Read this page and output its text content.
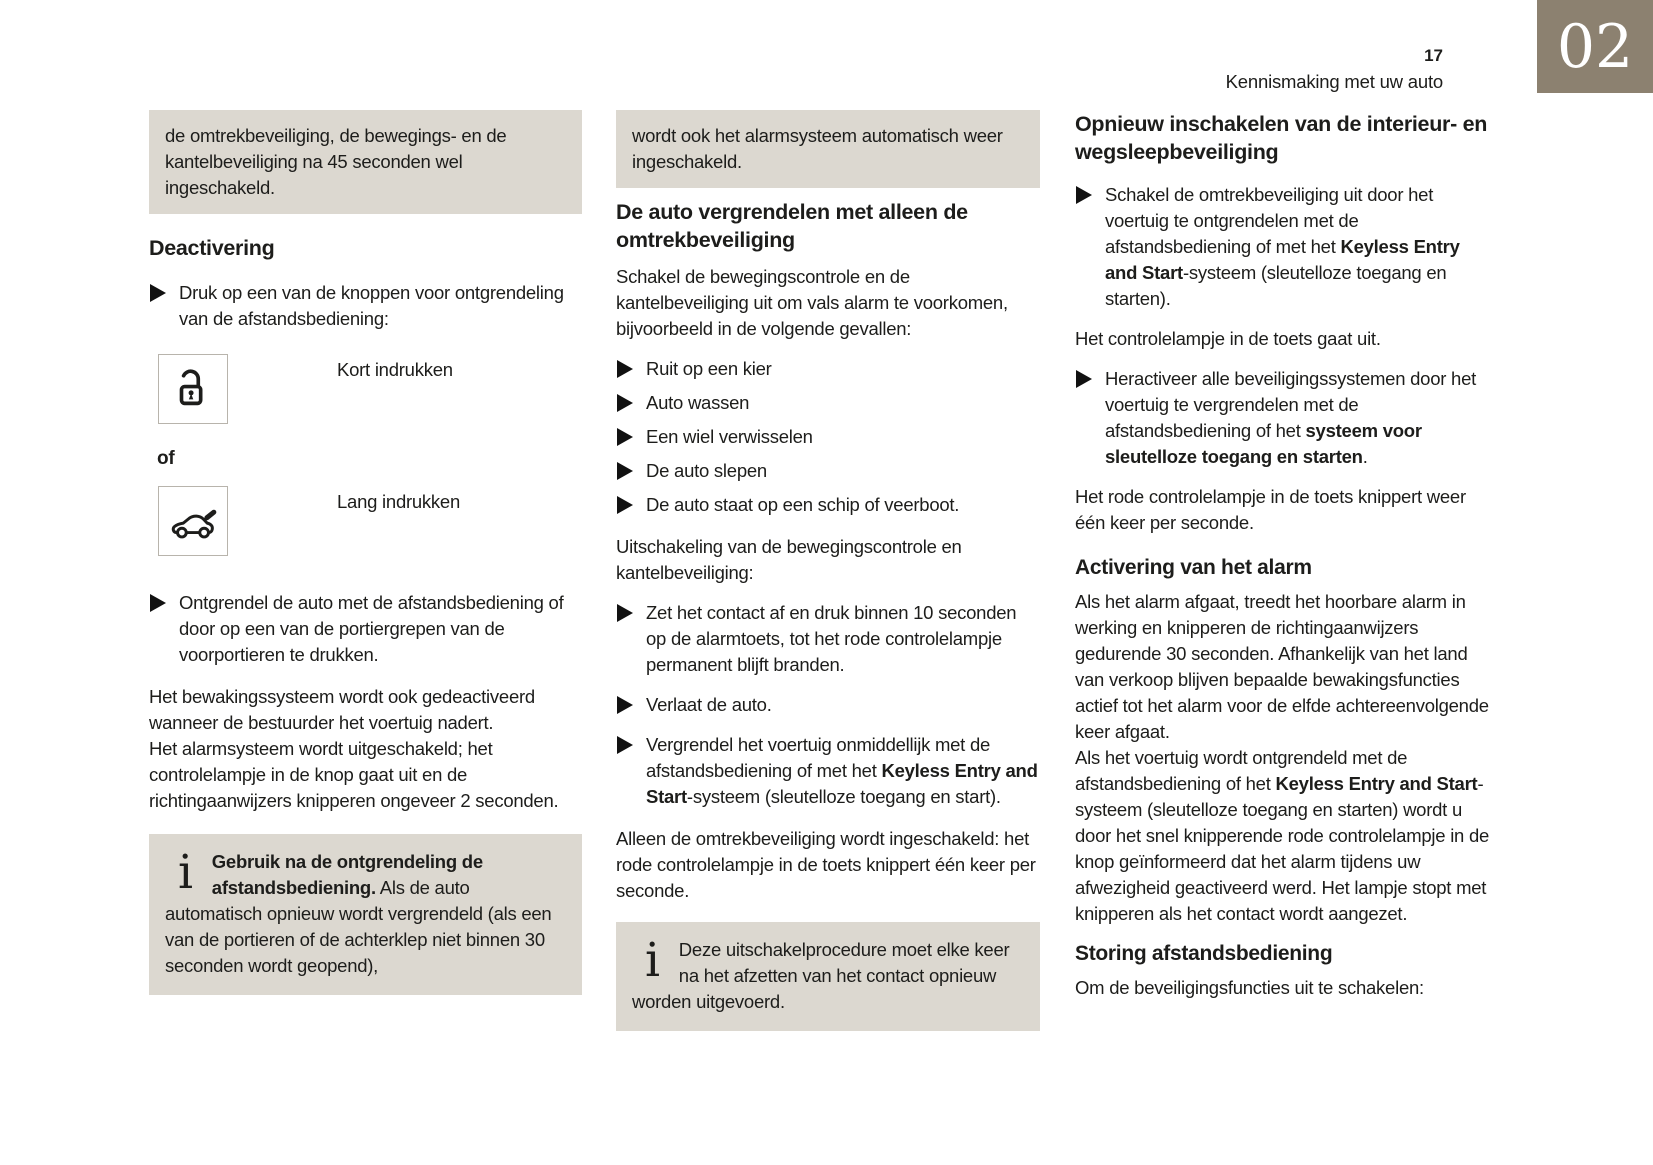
17
Kennismaking met uw auto 02
de omtrekbeveiliging, de bewegings- en de kantelbeveiliging na 45 seconden wel ingeschakeld.
Deactivering
Druk op een van de knoppen voor ontgrendeling van de afstandsbediening:
Kort indrukken
of
Lang indrukken
Ontgrendel de auto met de afstandsbediening of door op een van de portiergrepen van de voorportieren te drukken.
Het bewakingssysteem wordt ook gedeactiveerd wanneer de bestuurder het voertuig nadert.
Het alarmsysteem wordt uitgeschakeld; het controlelampje in de knop gaat uit en de richtingaanwijzers knipperen ongeveer 2 seconden.
i Gebruik na de ontgrendeling de afstandsbediening. Als de auto automatisch opnieuw wordt vergrendeld (als een van de portieren of de achterklep niet binnen 30 seconden wordt geopend),
wordt ook het alarmsysteem automatisch weer ingeschakeld.
De auto vergrendelen met alleen de omtrekbeveiliging
Schakel de bewegingscontrole en de kantelbeveiliging uit om vals alarm te voorkomen, bijvoorbeeld in de volgende gevallen:
Ruit op een kier
Auto wassen
Een wiel verwisselen
De auto slepen
De auto staat op een schip of veerboot.
Uitschakeling van de bewegingscontrole en kantelbeveiliging:
Zet het contact af en druk binnen 10 seconden op de alarmtoets, tot het rode controlelampje permanent blijft branden.
Verlaat de auto.
Vergrendel het voertuig onmiddellijk met de afstandsbediening of met het Keyless Entry and Start-systeem (sleutelloze toegang en start).
Alleen de omtrekbeveiliging wordt ingeschakeld: het rode controlelampje in de toets knippert één keer per seconde.
i Deze uitschakelprocedure moet elke keer na het afzetten van het contact opnieuw worden uitgevoerd.
Opnieuw inschakelen van de interieur- en wegsleepbeveiliging
Schakel de omtrekbeveiliging uit door het voertuig te ontgrendelen met de afstandsbediening of met het Keyless Entry and Start-systeem (sleutelloze toegang en starten).
Het controlelampje in de toets gaat uit.
Heractiveer alle beveiligingssystemen door het voertuig te vergrendelen met de afstandsbediening of het systeem voor sleutelloze toegang en starten.
Het rode controlelampje in de toets knippert weer één keer per seconde.
Activering van het alarm
Als het alarm afgaat, treedt het hoorbare alarm in werking en knipperen de richtingaanwijzers gedurende 30 seconden. Afhankelijk van het land van verkoop blijven bepaalde bewakingsfuncties actief tot het alarm voor de elfde achtereenvolgende keer afgaat.
Als het voertuig wordt ontgrendeld met de afstandsbediening of het Keyless Entry and Start-systeem (sleutelloze toegang en starten) wordt u door het snel knipperende rode controlelampje in de knop geïnformeerd dat het alarm tijdens uw afwezigheid geactiveerd werd. Het lampje stopt met knipperen als het contact wordt aangezet.
Storing afstandsbediening
Om de beveiligingsfuncties uit te schakelen:
